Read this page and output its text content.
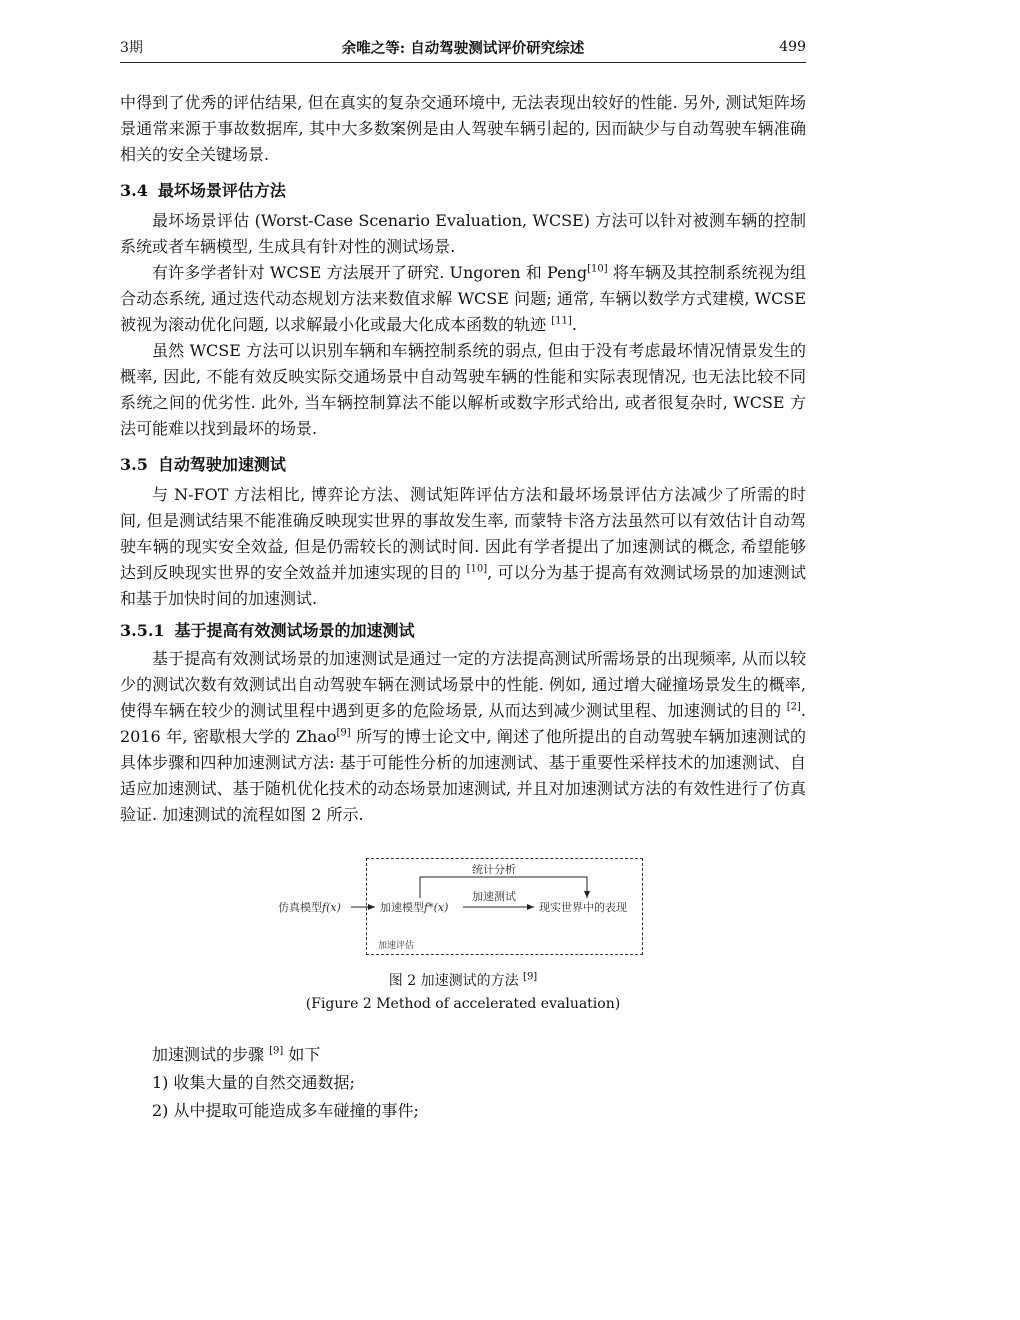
3期	余唯之等: 自动驾驶测试评价研究综述	499

中得到了优秀的评估结果, 但在真实的复杂交通环境中, 无法表现出较好的性能. 另外, 测试矩阵场景通常来源于事故数据库, 其中大多数案例是由人驾驶车辆引起的, 因而缺少与自动驾驶车辆准确相关的安全关键场景.

3.4 最坏场景评估方法

最坏场景评估 (Worst-Case Scenario Evaluation, WCSE) 方法可以针对被测车辆的控制系统或者车辆模型, 生成具有针对性的测试场景.

有许多学者针对 WCSE 方法展开了研究. Ungoren 和 Peng[10] 将车辆及其控制系统视为组合动态系统, 通过迭代动态规划方法来数值求解 WCSE 问题; 通常, 车辆以数学方式建模, WCSE 被视为滚动优化问题, 以求解最小化或最大化成本函数的轨迹 [11].

虽然 WCSE 方法可以识别车辆和车辆控制系统的弱点, 但由于没有考虑最坏情况情景发生的概率, 因此, 不能有效反映实际交通场景中自动驾驶车辆的性能和实际表现情况, 也无法比较不同系统之间的优劣性. 此外, 当车辆控制算法不能以解析或数字形式给出, 或者很复杂时, WCSE 方法可能难以找到最坏的场景.

3.5 自动驾驶加速测试

与 N-FOT 方法相比, 博弈论方法、测试矩阵评估方法和最坏场景评估方法减少了所需的时间, 但是测试结果不能准确反映现实世界的事故发生率, 而蒙特卡洛方法虽然可以有效估计自动驾驶车辆的现实安全效益, 但是仍需较长的测试时间. 因此有学者提出了加速测试的概念, 希望能够达到反映现实世界的安全效益并加速实现的目的 [10], 可以分为基于提高有效测试场景的加速测试和基于加快时间的加速测试.

3.5.1 基于提高有效测试场景的加速测试

基于提高有效测试场景的加速测试是通过一定的方法提高测试所需场景的出现频率, 从而以较少的测试次数有效测试出自动驾驶车辆在测试场景中的性能. 例如, 通过增大碰撞场景发生的概率, 使得车辆在较少的测试里程中遇到更多的危险场景, 从而达到减少测试里程、加速测试的目的 [2]. 2016 年, 密歇根大学的 Zhao[9] 所写的博士论文中, 阐述了他所提出的自动驾驶车辆加速测试的具体步骤和四种加速测试方法: 基于可能性分析的加速测试、基于重要性采样技术的加速测试、自适应加速测试、基于随机优化技术的动态场景加速测试, 并且对加速测试方法的有效性进行了仿真验证. 加速测试的流程如图 2 所示.

统计分析
仿真模型f(x)	加速模型f*(x)
加速测试
现实世界中的表现
加速评估
图 2 加速测试的方法 [9]
(Figure 2 Method of accelerated evaluation)

加速测试的步骤 [9] 如下

1) 收集大量的自然交通数据;

2) 从中提取可能造成多车碰撞的事件;
